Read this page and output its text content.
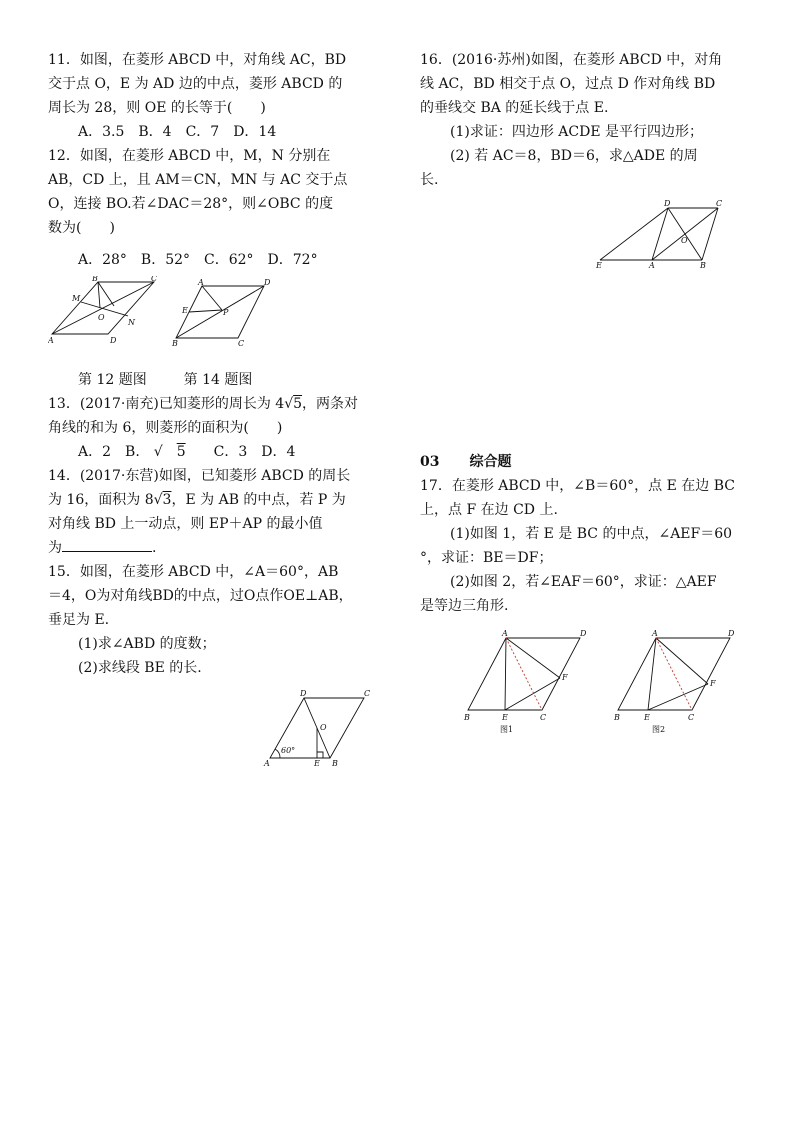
11．如图，在菱形 ABCD 中，对角线 AC，BD

交于点 O，E 为 AD 边的中点，菱形 ABCD 的

周长为 28，则 OE 的长等于(　　)

A．3.5　B．4　C．7　D．14

12．如图，在菱形 ABCD 中，M，N 分别在

AB，CD 上，且 AM＝CN，MN 与 AC 交于点

O，连接 BO.若∠DAC＝28°，则∠OBC 的度

数为(　　)

A．28°　B．52°　C．62°　D．72°

A	D
C
B
M
N
O
B	C
A	D
E	P

第 12 题图	第 14 题图

13．(2017·南充)已知菱形的周长为 4√5，两条对

角线的和为 6，则菱形的面积为(　　)

A．2 B. √ 5 C．3 D．4

14．(2017·东营)如图，已知菱形 ABCD 的周长

为 16，面积为 8√3，E 为 AB 的中点，若 P 为

对角线 BD 上一动点，则 EP＋AP 的最小值

为	.

15．如图，在菱形 ABCD 中，∠A＝60°，AB

＝4，O为对角线BD的中点，过O点作OE⊥AB，

垂足为 E.

(1)求∠ABD 的度数；

(2)求线段 BE 的长.

A	B
E
D	C
O
60°

16．(2016·苏州)如图，在菱形 ABCD 中，对角

线 AC，BD 相交于点 O，过点 D 作对角线 BD

的垂线交 BA 的延长线于点 E.

(1)求证：四边形 ACDE 是平行四边形；

(2) 若 AC＝8，BD＝6，求△ADE 的周

长.

E	A	B
D	C
O

03 综合题

17．在菱形 ABCD 中，∠B＝60°，点 E 在边 BC

上，点 F 在边 CD 上.

(1)如图 1，若 E 是 BC 的中点，∠AEF＝60

°，求证：BE＝DF；

(2)如图 2，若∠EAF＝60°，求证：△AEF

是等边三角形.

B	E	C
A	D
F
图1
B	E	C
A	D
F
图2
